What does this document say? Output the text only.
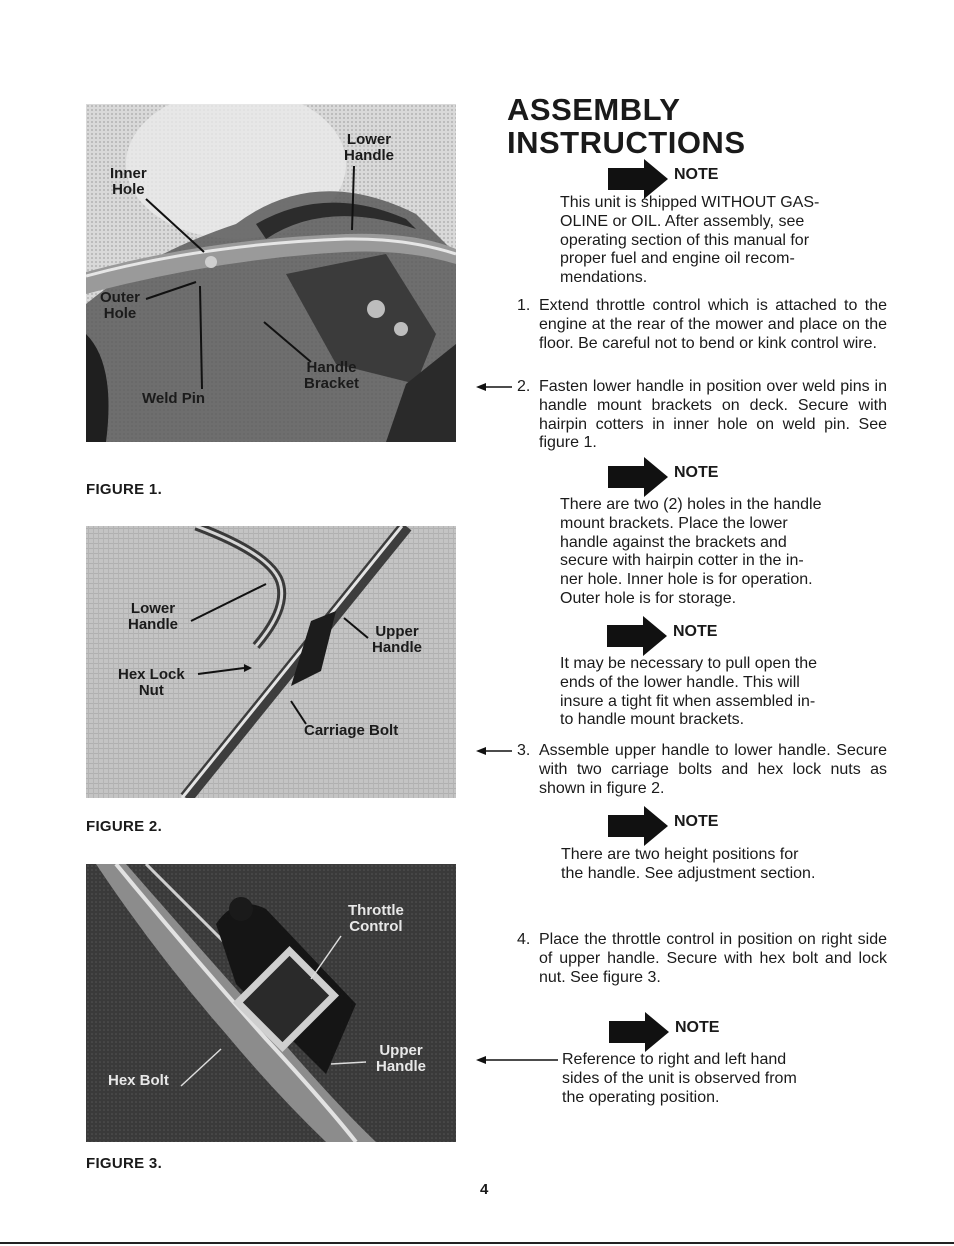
Lower
Handle
Inner
Hole
Outer
Hole
Handle
Bracket
Weld Pin
FIGURE 1.
Lower
Handle	Upper
Handle
Hex Lock
Nut
Carriage Bolt
FIGURE 2.
Throttle
Control
Upper
Handle
Hex Bolt
FIGURE 3.
ASSEMBLY
INSTRUCTIONS
NOTE
This unit is shipped WITHOUT GAS-
OLINE or OIL. After assembly, see
operating section of this manual for
proper fuel and engine oil recom-
mendations.
1. Extend throttle control which is attached to the engine at the rear of the mower and place on the floor. Be careful not to bend or kink control wire.
2. Fasten lower handle in position over weld pins in handle mount brackets on deck. Secure with hairpin cotters in inner hole on weld pin. See figure 1.
NOTE
There are two (2) holes in the handle
mount brackets. Place the lower
handle against the brackets and
secure with hairpin cotter in the in-
ner hole. Inner hole is for operation.
Outer hole is for storage.
NOTE
It may be necessary to pull open the
ends of the lower handle. This will
insure a tight fit when assembled in-
to handle mount brackets.
3. Assemble upper handle to lower handle. Secure with two carriage bolts and hex lock nuts as shown in figure 2.
NOTE
There are two height positions for
the handle. See adjustment section.
4. Place the throttle control in position on right side of upper handle. Secure with hex bolt and lock nut. See figure 3.
NOTE
Reference to right and left hand
sides of the unit is observed from
the operating position.
4
